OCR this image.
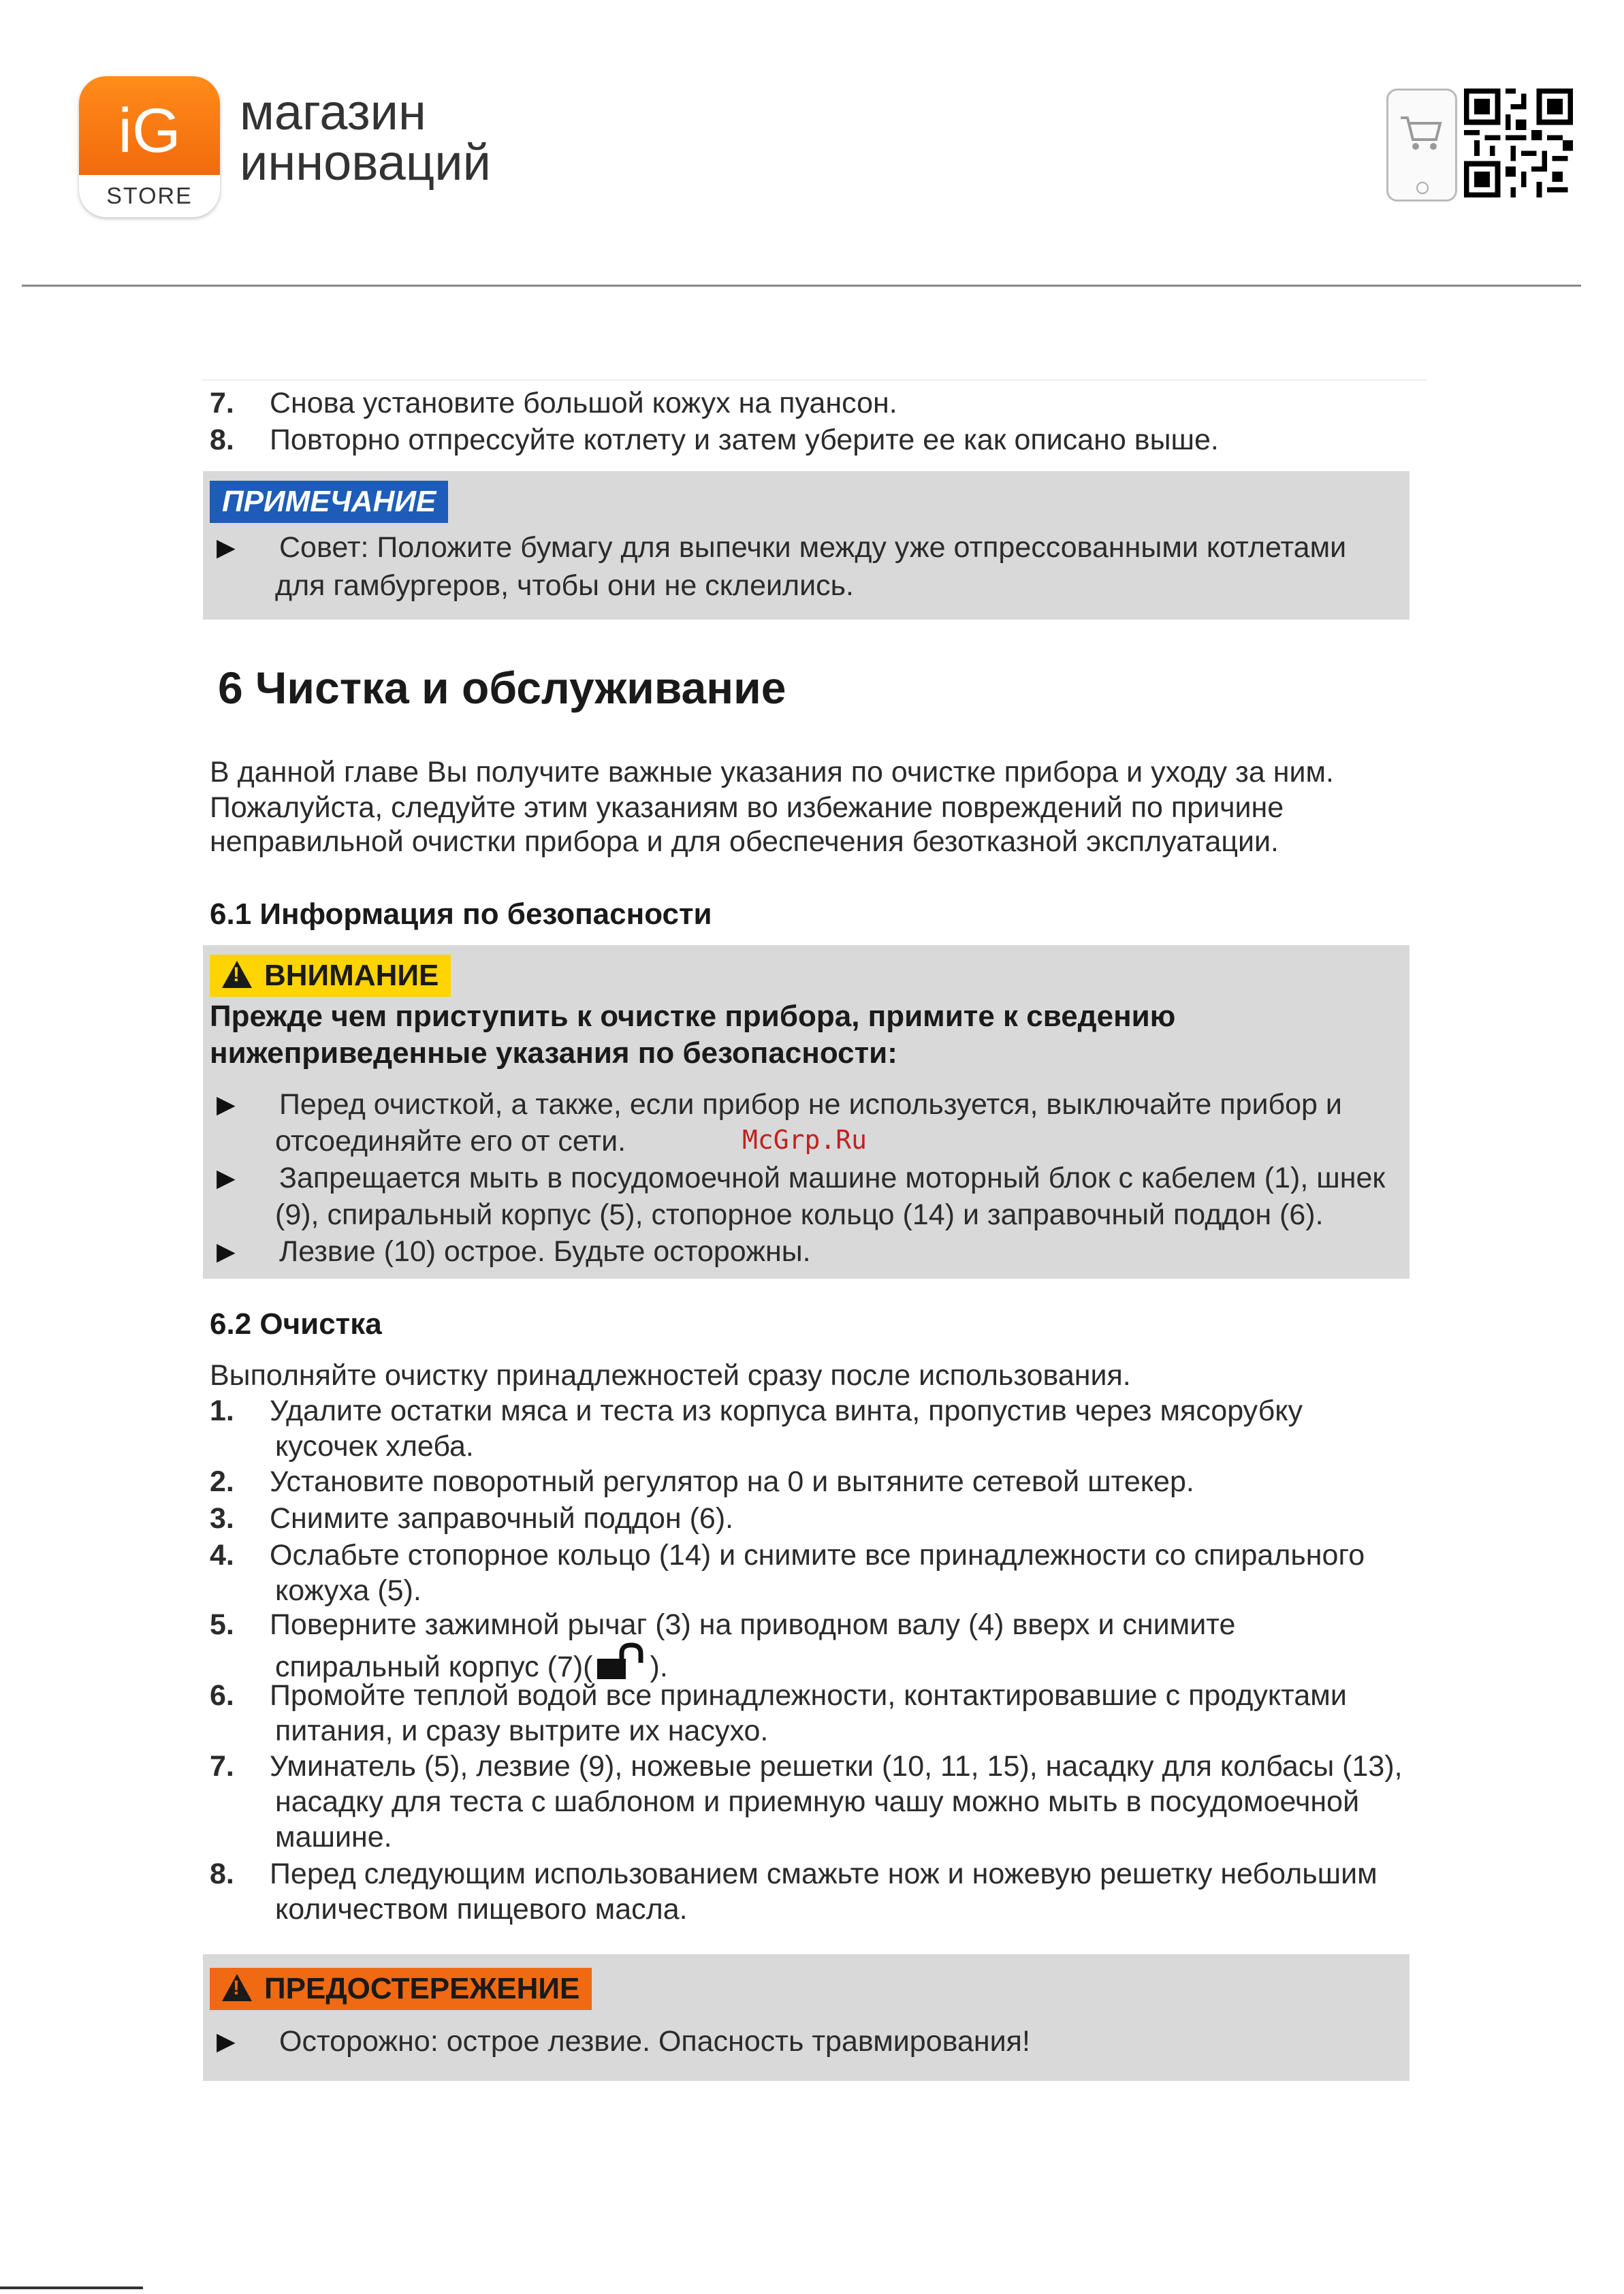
iG
STORE
магазин
инноваций
7. Снова установите большой кожух на пуансон.
8. Повторно отпрессуйте котлету и затем уберите ее как описано выше.
ПРИМЕЧАНИЕ
▶ Совет: Положите бумагу для выпечки между уже отпрессованными котлетами
для гамбургеров, чтобы они не склеились.
6 Чистка и обслуживание
В данной главе Вы получите важные указания по очистке прибора и уходу за ним.
Пожалуйста, следуйте этим указаниям во избежание повреждений по причине
неправильной очистки прибора и для обеспечения безотказной эксплуатации.
6.1 Информация по безопасности
!ВНИМАНИЕ
Прежде чем приступить к очистке прибора, примите к сведению
нижеприведенные указания по безопасности:
▶ Перед очисткой, а также, если прибор не используется, выключайте прибор и
отсоединяйте его от сети.
▶ Запрещается мыть в посудомоечной машине моторный блок с кабелем (1), шнек
(9), спиральный корпус (5), стопорное кольцо (14) и заправочный поддон (6).
▶ Лезвие (10) острое. Будьте осторожны.
McGrp.Ru
6.2 Очистка
Выполняйте очистку принадлежностей сразу после использования.
1. Удалите остатки мяса и теста из корпуса винта, пропустив через мясорубку
кусочек хлеба.
2. Установите поворотный регулятор на 0 и вытяните сетевой штекер.
3. Снимите заправочный поддон (6).
4. Ослабьте стопорное кольцо (14) и снимите все принадлежности со спирального
кожуха (5).
5. Поверните зажимной рычаг (3) на приводном валу (4) вверх и снимите
спиральный корпус (7)( ).
6. Промойте теплой водой все принадлежности, контактировавшие с продуктами
питания, и сразу вытрите их насухо.
7. Уминатель (5), лезвие (9), ножевые решетки (10, 11, 15), насадку для колбасы (13),
насадку для теста с шаблоном и приемную чашу можно мыть в посудомоечной
машине.
8. Перед следующим использованием смажьте нож и ножевую решетку небольшим
количеством пищевого масла.
!ПРЕДОСТЕРЕЖЕНИЕ
▶ Осторожно: острое лезвие. Опасность травмирования!
